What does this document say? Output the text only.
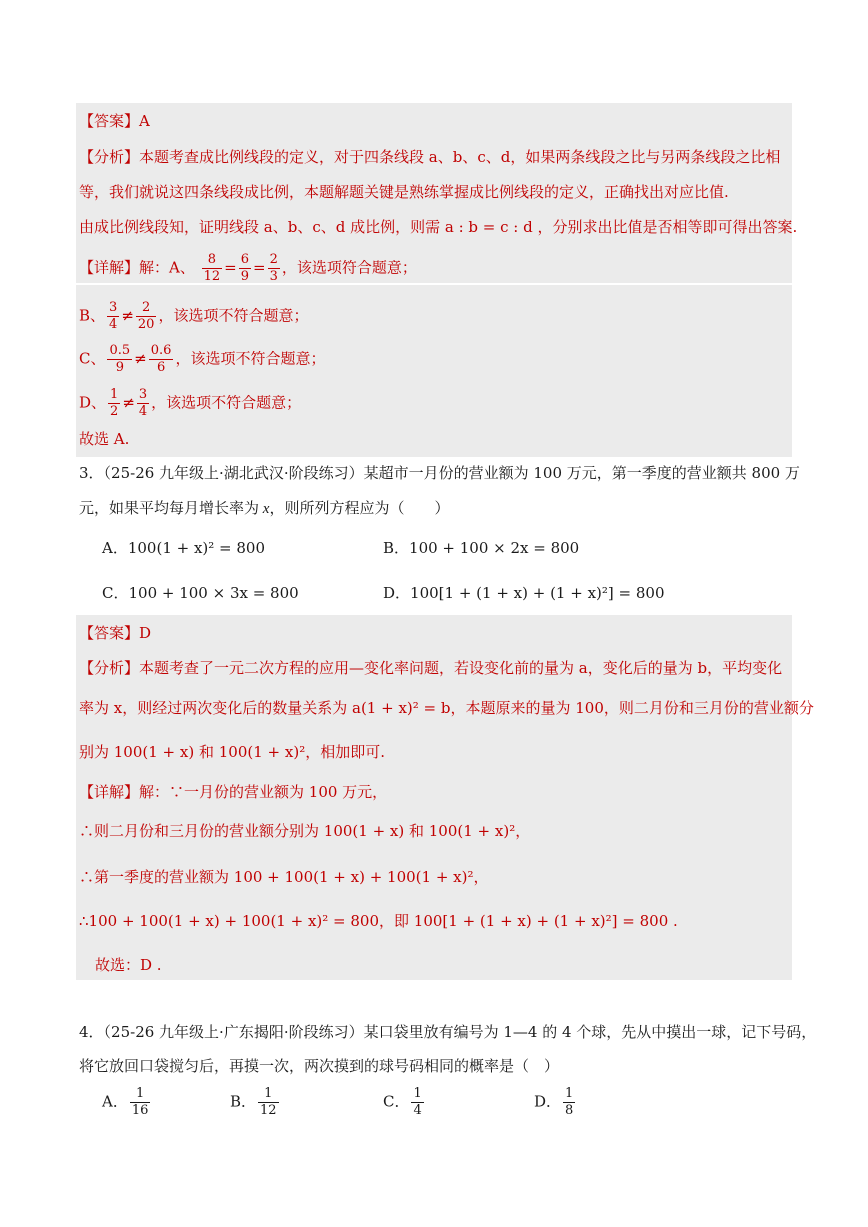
【答案】A
【分析】本题考查成比例线段的定义，对于四条线段 a、b、c、d，如果两条线段之比与另两条线段之比相
等，我们就说这四条线段成比例，本题解题关键是熟练掌握成比例线段的定义，正确找出对应比值.
由成比例线段知，证明线段 a、b、c、d 成比例，则需 a : b = c : d ，分别求出比值是否相等即可得出答案.
【详解】解：A、 $\frac{8}{12} = \frac{6}{9} = \frac{2}{3}$ ，该选项符合题意；
B、 $\frac{3}{4} \ne \frac{2}{20}$ ，该选项不符合题意；
C、 $\frac{0.5}{9} \ne \frac{0.6}{6}$ ，该选项不符合题意；
D、 $\frac{1}{2} \ne \frac{3}{4}$ ，该选项不符合题意；
故选 A.
3．（25-26 九年级上·湖北武汉·阶段练习）某超市一月份的营业额为 100 万元，第一季度的营业额共 800 万
元，如果平均每月增长率为 x，则所列方程应为（　　）
A．100(1 + x)² = 800	B．100 + 100 × 2x = 800
C．100 + 100 × 3x = 800	D．100[1 + (1 + x) + (1 + x)²] = 800
【答案】D
【分析】本题考查了一元二次方程的应用—变化率问题，若设变化前的量为 a，变化后的量为 b，平均变化
率为 x，则经过两次变化后的数量关系为 a(1 + x)² = b，本题原来的量为 100，则二月份和三月份的营业额分
别为 100(1 + x) 和 100(1 + x)²，相加即可.
【详解】解：∵一月份的营业额为 100 万元，
∴则二月份和三月份的营业额分别为 100(1 + x) 和 100(1 + x)²，
∴第一季度的营业额为 100 + 100(1 + x) + 100(1 + x)²，
∴100 + 100(1 + x) + 100(1 + x)² = 800，即 100[1 + (1 + x) + (1 + x)²] = 800 .
故选：D .
4．（25-26 九年级上·广东揭阳·阶段练习）某口袋里放有编号为 1—4 的 4 个球，先从中摸出一球，记下号码，
将它放回口袋搅匀后，再摸一次，两次摸到的球号码相同的概率是（　）
A． $\frac{1}{16}$	B． $\frac{1}{12}$	C． $\frac{1}{4}$	D． $\frac{1}{8}$
